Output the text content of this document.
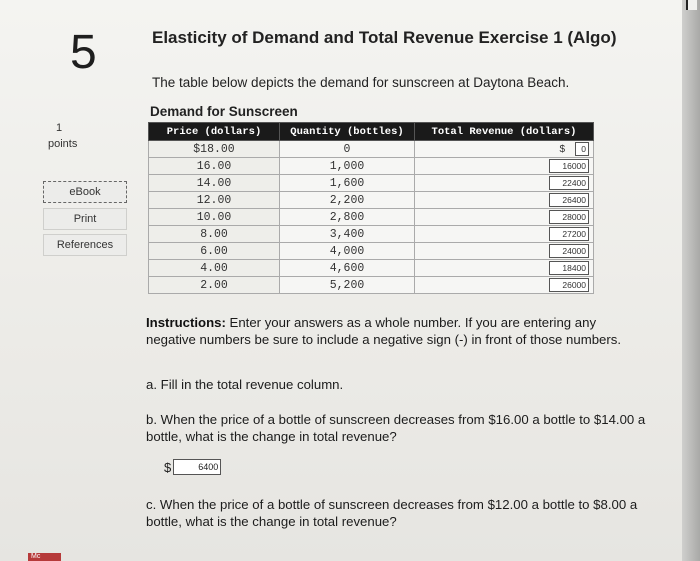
5
1
points
eBook
Print
References
Elasticity of Demand and Total Revenue Exercise 1 (Algo)
The table below depicts the demand for sunscreen at Daytona Beach.
Demand for Sunscreen
Price (dollars)	Quantity (bottles)	Total Revenue (dollars)
$18.00	0	$ 0

16.00	1,000	16000

14.00	1,600	22400

12.00	2,200	26400

10.00	2,800	28000

8.00	3,400	27200

6.00	4,000	24000

4.00	4,600	18400

2.00	5,200	26000
Instructions: Enter your answers as a whole number. If you are entering any negative numbers be sure to include a negative sign (-) in front of those numbers.
a. Fill in the total revenue column.
b. When the price of a bottle of sunscreen decreases from $16.00 a bottle to $14.00 a bottle, what is the change in total revenue?
$	6400
c. When the price of a bottle of sunscreen decreases from $12.00 a bottle to $8.00 a bottle, what is the change in total revenue?
Mc
